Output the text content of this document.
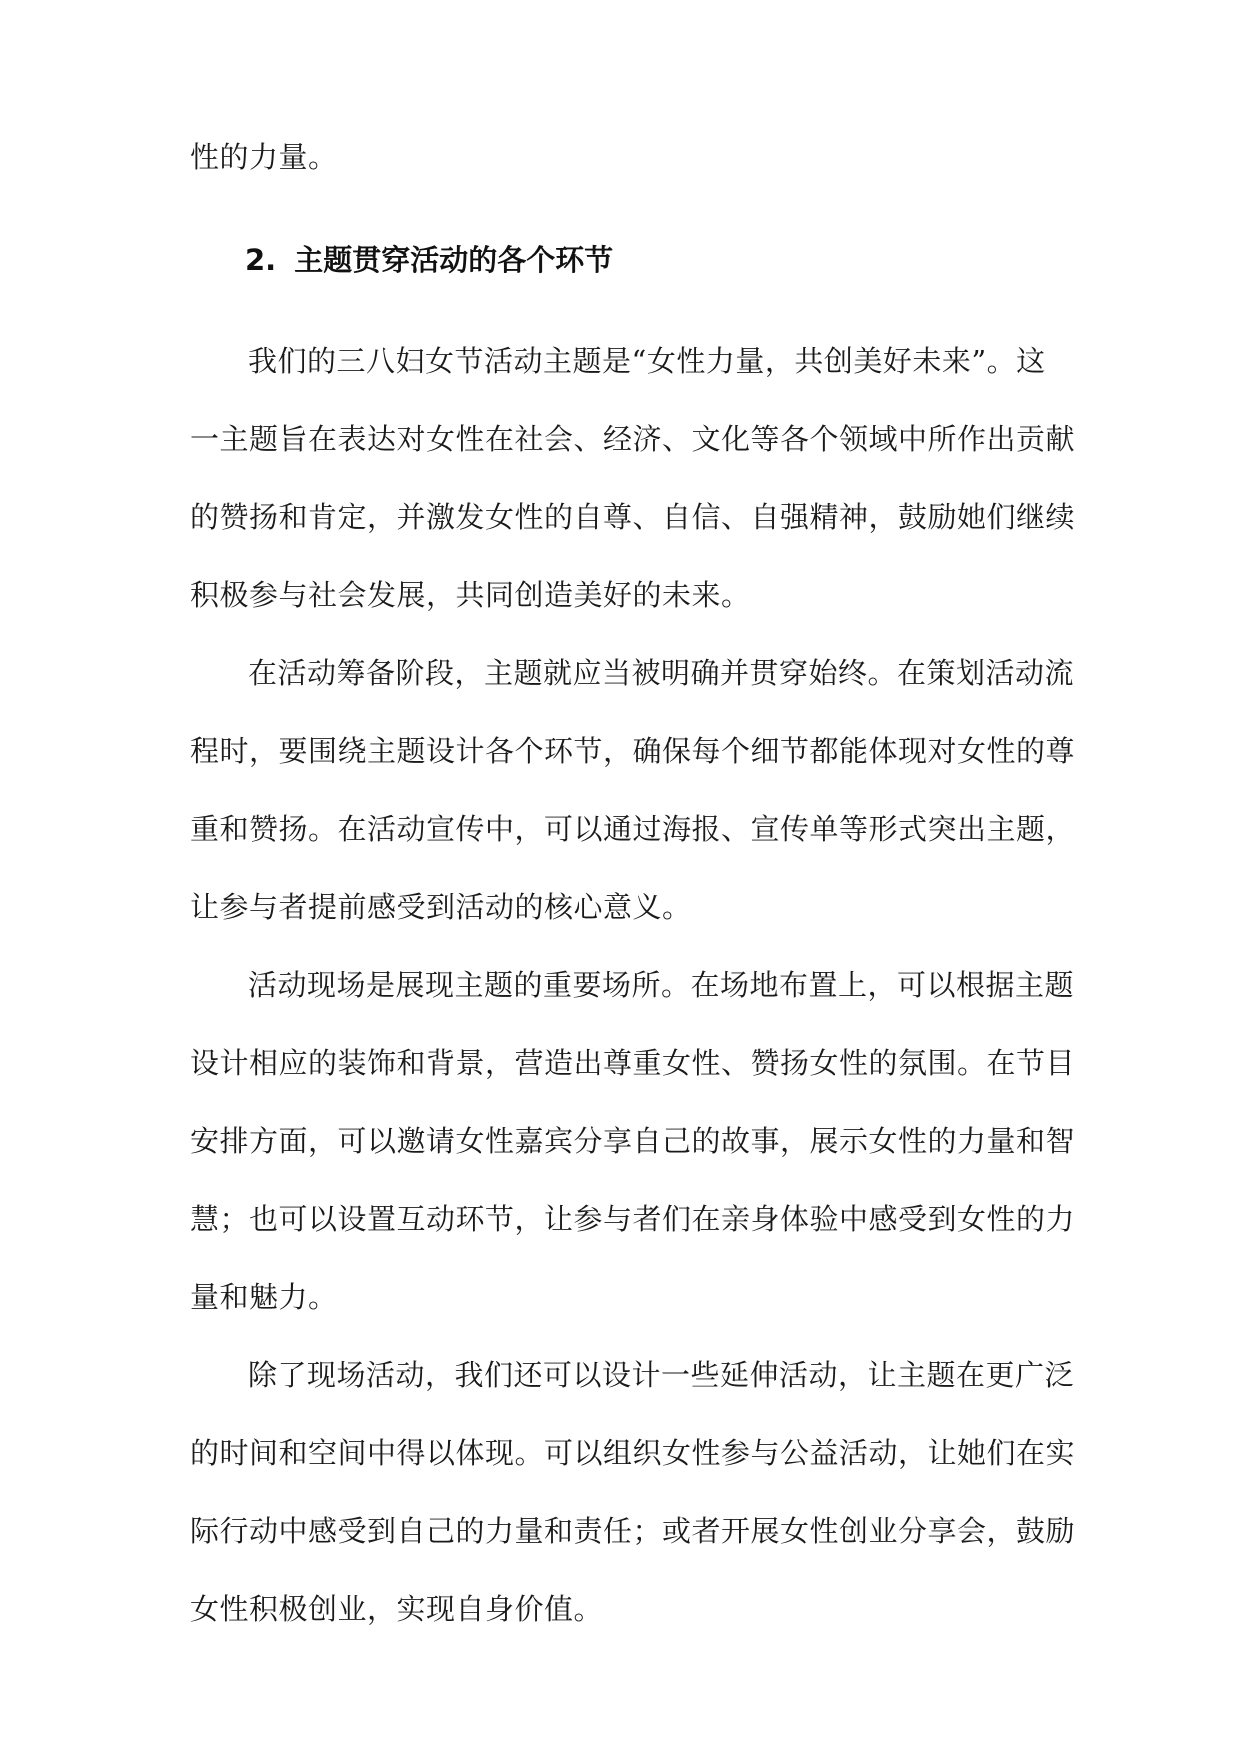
性的力量。
2. 主题贯穿活动的各个环节
我们的三八妇女节活动主题是“女性力量，共创美好未来”。这
一主题旨在表达对女性在社会、经济、文化等各个领域中所作出贡献
的赞扬和肯定，并激发女性的自尊、自信、自强精神，鼓励她们继续
积极参与社会发展，共同创造美好的未来。
在活动筹备阶段，主题就应当被明确并贯穿始终。在策划活动流
程时，要围绕主题设计各个环节，确保每个细节都能体现对女性的尊
重和赞扬。在活动宣传中，可以通过海报、宣传单等形式突出主题，
让参与者提前感受到活动的核心意义。
活动现场是展现主题的重要场所。在场地布置上，可以根据主题
设计相应的装饰和背景，营造出尊重女性、赞扬女性的氛围。在节目
安排方面，可以邀请女性嘉宾分享自己的故事，展示女性的力量和智
慧；也可以设置互动环节，让参与者们在亲身体验中感受到女性的力
量和魅力。
除了现场活动，我们还可以设计一些延伸活动，让主题在更广泛
的时间和空间中得以体现。可以组织女性参与公益活动，让她们在实
际行动中感受到自己的力量和责任；或者开展女性创业分享会，鼓励
女性积极创业，实现自身价值。
